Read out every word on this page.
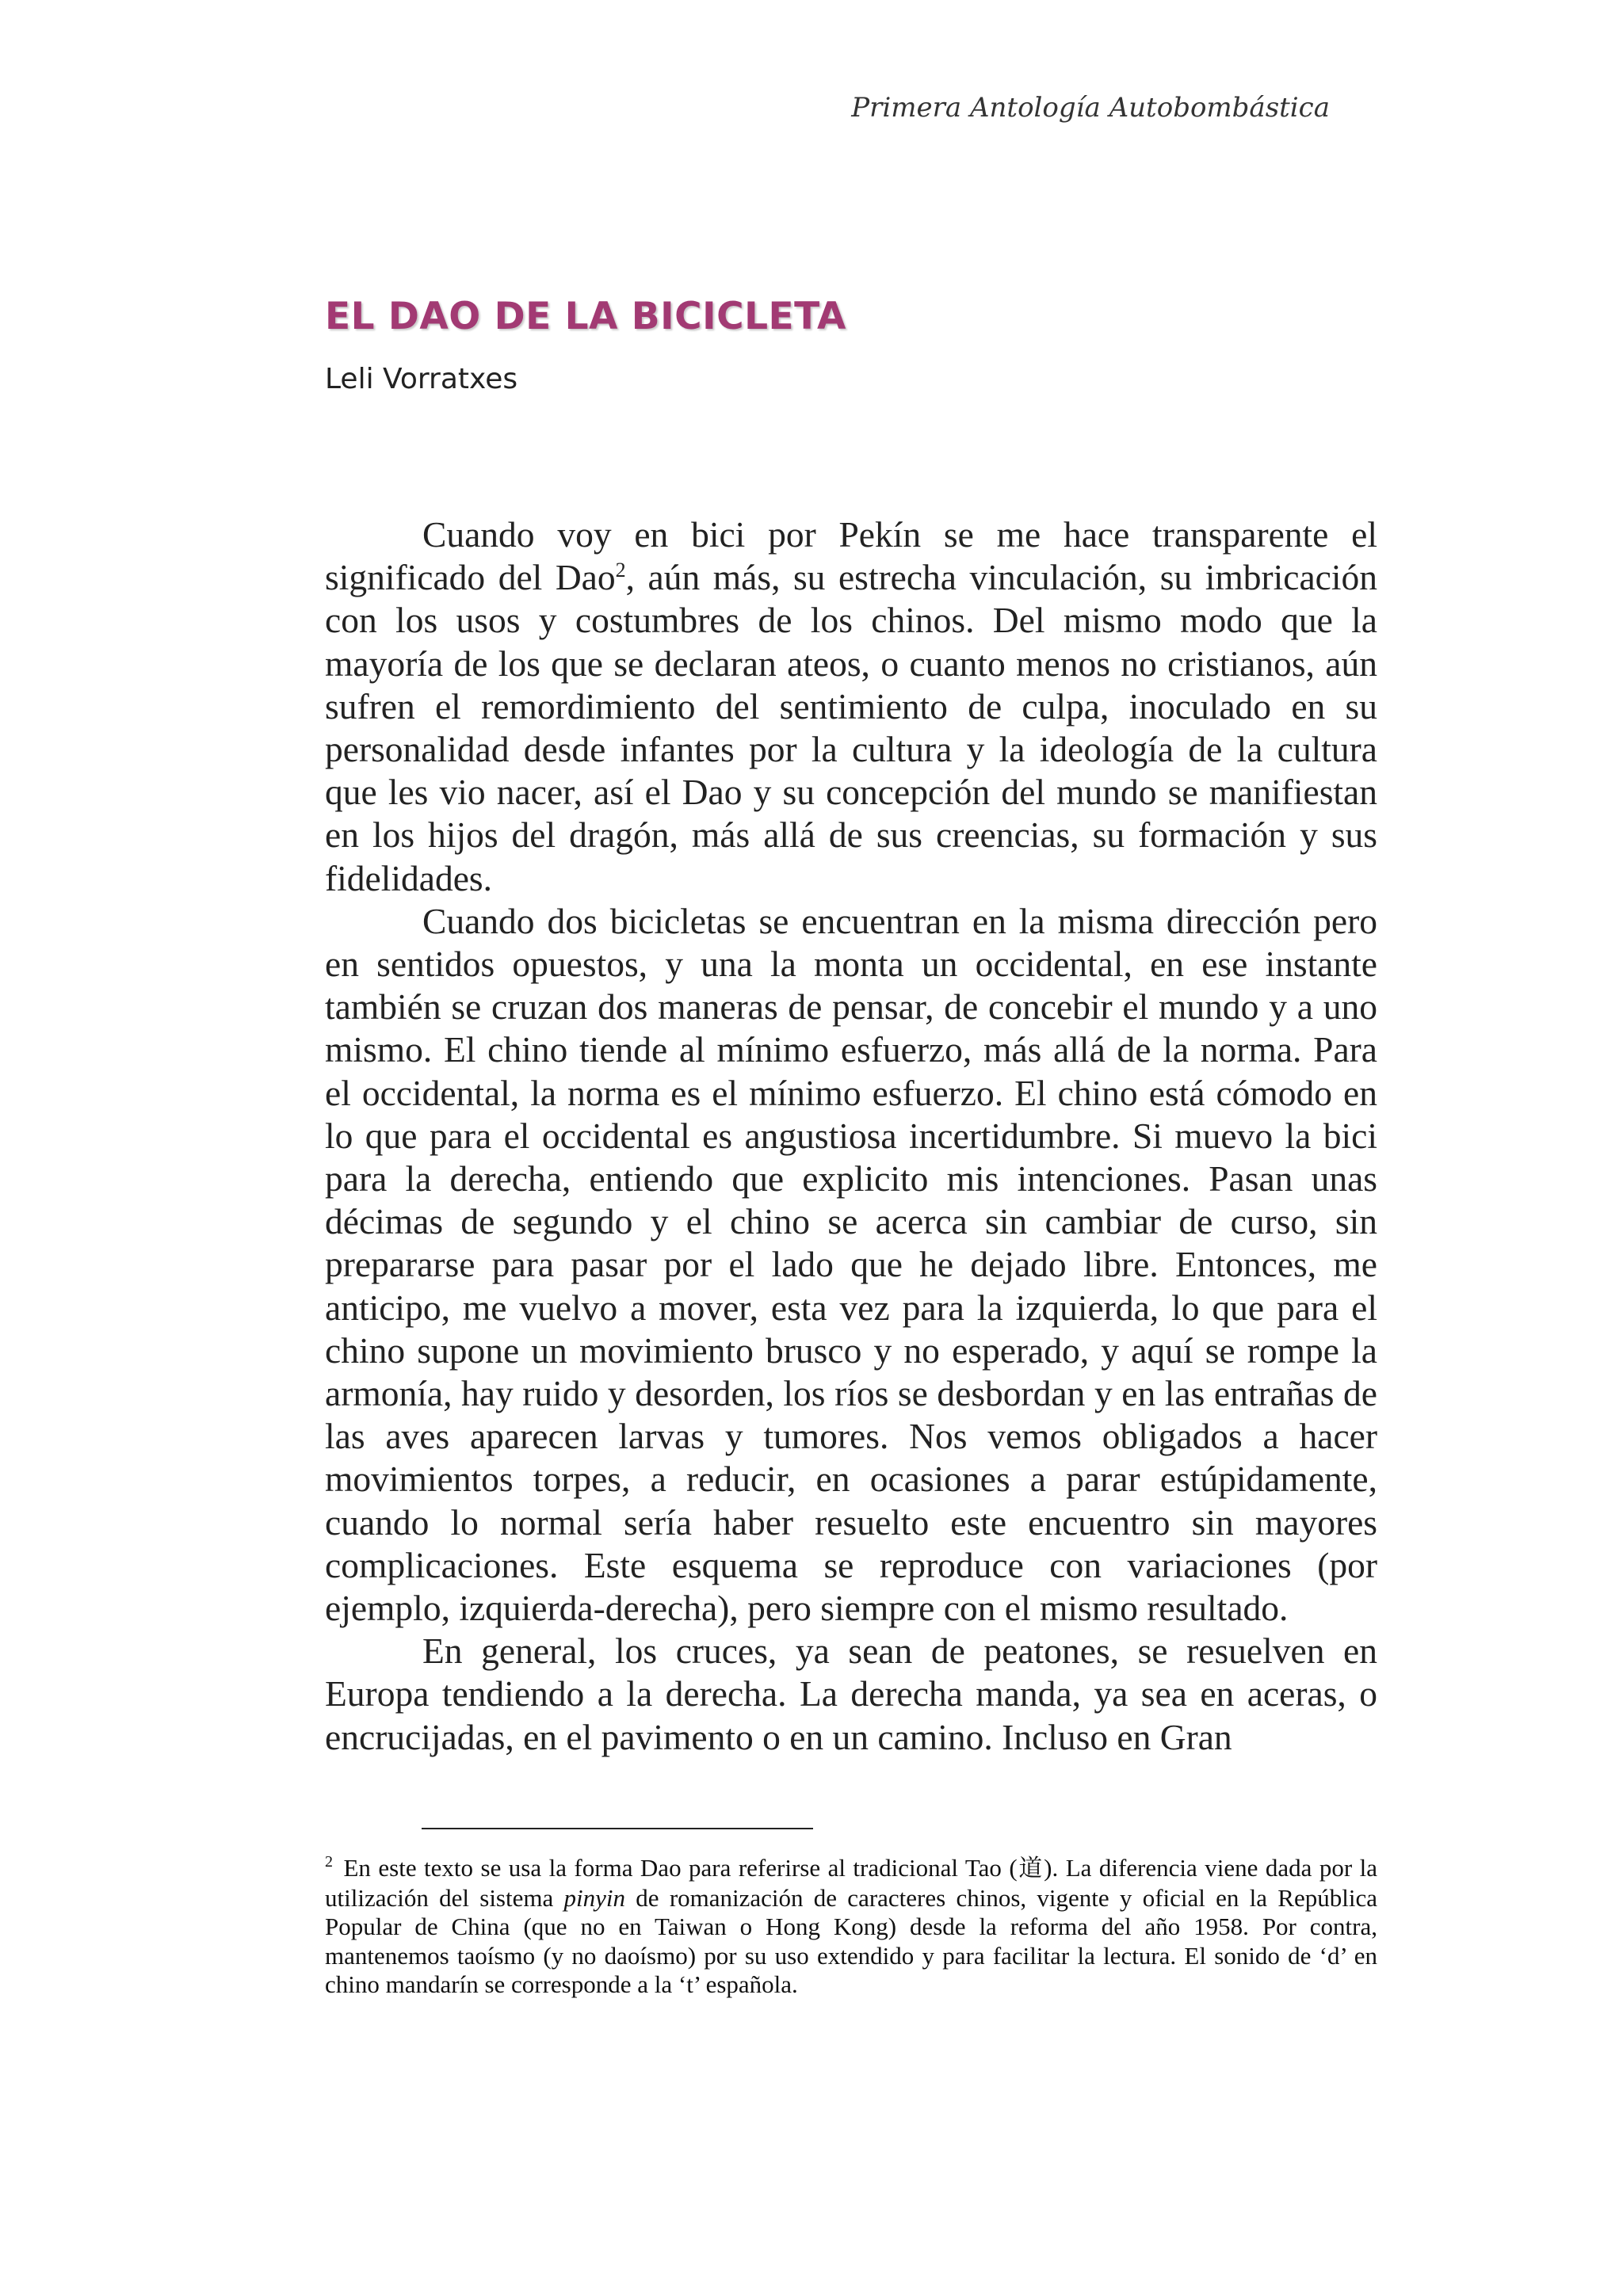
Primera Antología Autobombástica
EL DAO DE LA BICICLETA
Leli Vorratxes

Cuando voy en bici por Pekín se me hace transparente el significado del Dao$^2$, aún más, su estrecha vinculación, su imbricación con los usos y costumbres de los chinos. Del mismo modo que la mayoría de los que se declaran ateos, o cuanto menos no cristianos, aún sufren el remordimiento del sentimiento de culpa, inoculado en su personalidad desde infantes por la cultura y la ideología de la cultura que les vio nacer, así el Dao y su concepción del mundo se manifiestan en los hijos del dragón, más allá de sus creencias, su formación y sus fidelidades.

Cuando dos bicicletas se encuentran en la misma dirección pero en sentidos opuestos, y una la monta un occidental, en ese instante también se cruzan dos maneras de pensar, de concebir el mundo y a uno mismo. El chino tiende al mínimo esfuerzo, más allá de la norma. Para el occidental, la norma es el mínimo esfuerzo. El chino está cómodo en lo que para el occidental es angustiosa incertidumbre. Si muevo la bici para la derecha, entiendo que explicito mis intenciones. Pasan unas décimas de segundo y el chino se acerca sin cambiar de curso, sin prepararse para pasar por el lado que he dejado libre. Entonces, me anticipo, me vuelvo a mover, esta vez para la izquierda, lo que para el chino supone un movimiento brusco y no esperado, y aquí se rompe la armonía, hay ruido y desorden, los ríos se desbordan y en las entrañas de las aves aparecen larvas y tumores. Nos vemos obligados a hacer movimientos torpes, a reducir, en ocasiones a parar estúpidamente, cuando lo normal sería haber resuelto este encuentro sin mayores complicaciones. Este esquema se reproduce con variaciones (por ejemplo, izquierda-derecha), pero siempre con el mismo resultado.

En general, los cruces, ya sean de peatones, se resuelven en Europa tendiendo a la derecha. La derecha manda, ya sea en aceras, o encrucijadas, en el pavimento o en un camino. Incluso en Gran

$^2$ En este texto se usa la forma Dao para referirse al tradicional Tao (道). La diferencia viene dada por la utilización del sistema pinyin de romanización de caracteres chinos, vigente y oficial en la República Popular de China (que no en Taiwan o Hong Kong) desde la reforma del año 1958. Por contra, mantenemos taoísmo (y no daoísmo) por su uso extendido y para facilitar la lectura. El sonido de ‘d’ en chino mandarín se corresponde a la ‘t’ española.
